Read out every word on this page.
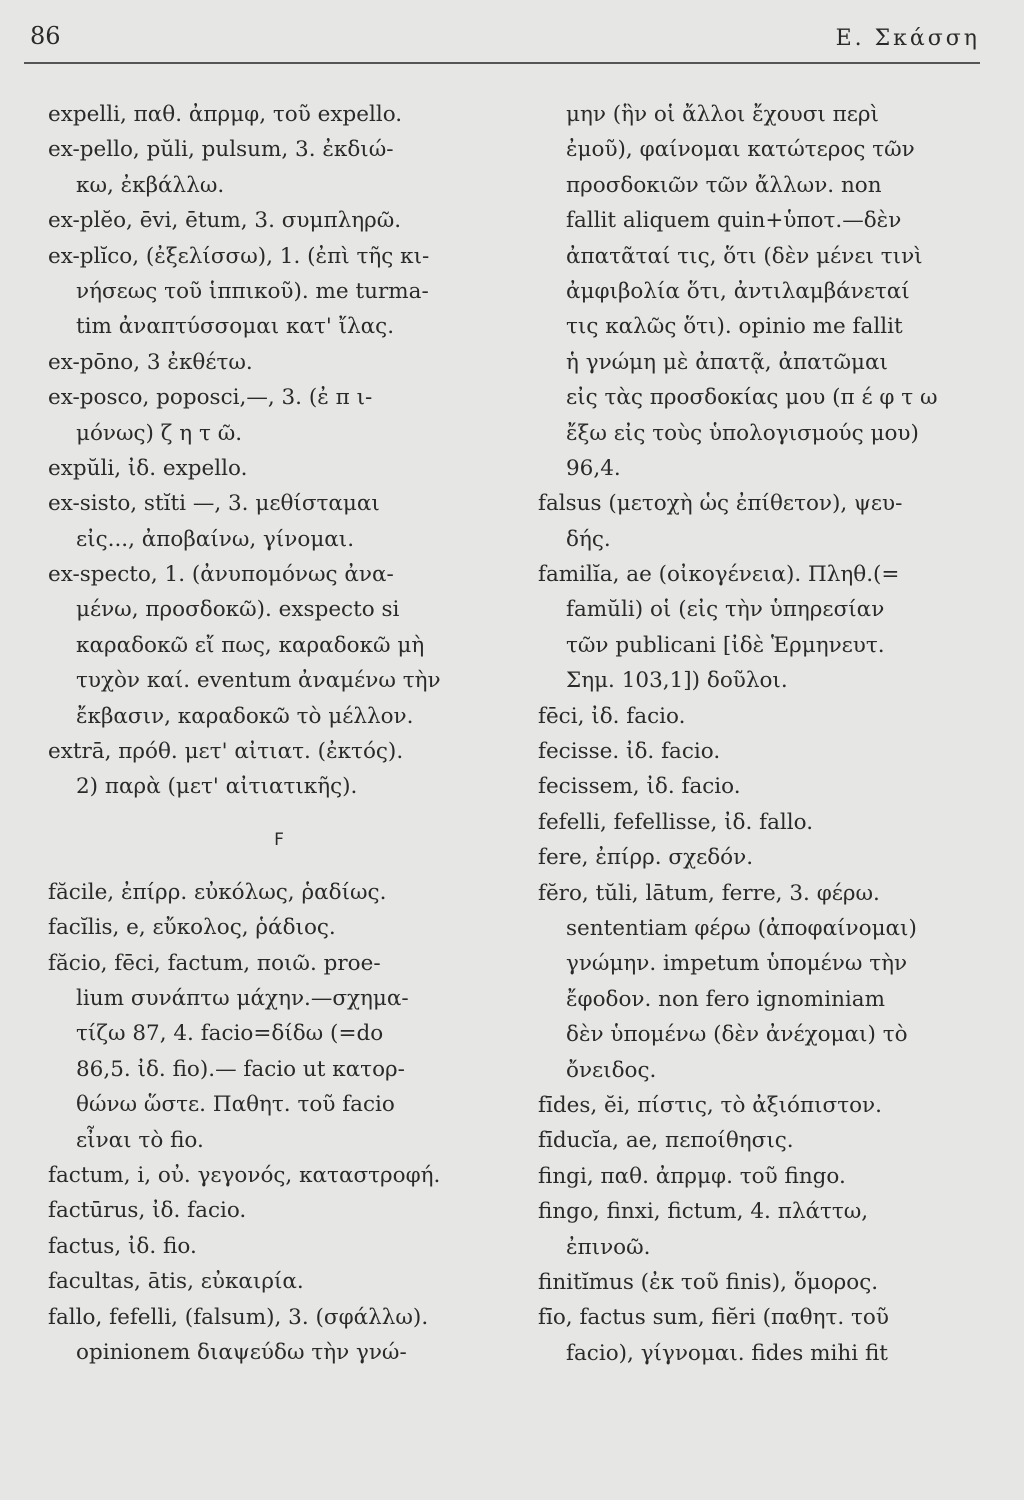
86	Ε. Σκάσση
expelli, παθ. ἀπρμφ, τοῦ expello.
ex-pello, pŭli, pulsum, 3. ἐκδιώ-
κω, ἐκβάλλω.
ex-plĕo, ēvi, ētum, 3. συμπληρῶ.
ex-plĭco, (ἐξελίσσω), 1. (ἐπὶ τῆς κι-
νήσεως τοῦ ἱππικοῦ). me turma-
tim ἀναπτύσσομαι κατ' ἴλας.
ex-pōno, 3 ἐκθέτω.
ex-posco, poposci,—, 3. (ἐ π ι-
μόνως) ζ η τ ῶ.
expŭli, ἰδ. expello.
ex-sisto, stĭti —, 3. μεθίσταμαι
εἰς..., ἀποβαίνω, γίνομαι.
ex-specto, 1. (ἀνυπομόνως ἀνα-
μένω, προσδοκῶ). exspecto si
καραδοκῶ εἴ πως, καραδοκῶ μὴ
τυχὸν καί. eventum ἀναμένω τὴν
ἔκβασιν, καραδοκῶ τὸ μέλλον.
extrā, πρόθ. μετ' αἰτιατ. (ἐκτός).
2) παρὰ (μετ' αἰτιατικῆς).
F
făcile, ἐπίρρ. εὐκόλως, ῥαδίως.
facĭlis, e, εὔκολος, ῥάδιος.
făcio, fēci, factum, ποιῶ. proe-
lium συνάπτω μάχην.—σχημα-
τίζω 87, 4. facio=δίδω (=do
86,5. ἰδ. fio).— facio ut κατορ-
θώνω ὥστε. Παθητ. τοῦ facio
εἶναι τὸ fio.
factum, i, οὐ. γεγονός, καταστροφή.
factūrus, ἰδ. facio.
factus, ἰδ. fio.
facultas, ātis, εὐκαιρία.
fallo, fefelli, (falsum), 3. (σφάλλω).
opinionem διαψεύδω τὴν γνώ-
μην (ἣν οἱ ἄλλοι ἔχουσι περὶ
ἐμοῦ), φαίνομαι κατώτερος τῶν
προσδοκιῶν τῶν ἄλλων. non
fallit aliquem quin+ὑποτ.—δὲν
ἀπατᾶταί τις, ὅτι (δὲν μένει τινὶ
ἀμφιβολία ὅτι, ἀντιλαμβάνεταί
τις καλῶς ὅτι). opinio me fallit
ἡ γνώμη μὲ ἀπατᾷ, ἀπατῶμαι
εἰς τὰς προσδοκίας μου (π έ φ τ ω
ἔξω εἰς τοὺς ὑπολογισμούς μου)
96,4.
falsus (μετοχὴ ὡς ἐπίθετον), ψευ-
δής.
familĭa, ae (οἰκογένεια). Πληθ.(=
famŭli) οἱ (εἰς τὴν ὑπηρεσίαν
τῶν publicani [ἰδὲ Ἑρμηνευτ.
Σημ. 103,1]) δοῦλοι.
fēci, ἰδ. facio.
fecisse. ἰδ. facio.
fecissem, ἰδ. facio.
fefelli, fefellisse, ἰδ. fallo.
fere, ἐπίρρ. σχεδόν.
fĕro, tŭli, lātum, ferre, 3. φέρω.
sententiam φέρω (ἀποφαίνομαι)
γνώμην. impetum ὑπομένω τὴν
ἔφοδον. non fero ignominiam
δὲν ὑπομένω (δὲν ἀνέχομαι) τὸ
ὄνειδος.
fīdes, ĕi, πίστις, τὸ ἀξιόπιστον.
fīducĭa, ae, πεποίθησις.
fingi, παθ. ἀπρμφ. τοῦ fingo.
fingo, finxi, fictum, 4. πλάττω,
ἐπινοῶ.
finitĭmus (ἐκ τοῦ finis), ὅμορος.
fīo, factus sum, fiĕri (παθητ. τοῦ
facio), γίγνομαι. fides mihi fit
